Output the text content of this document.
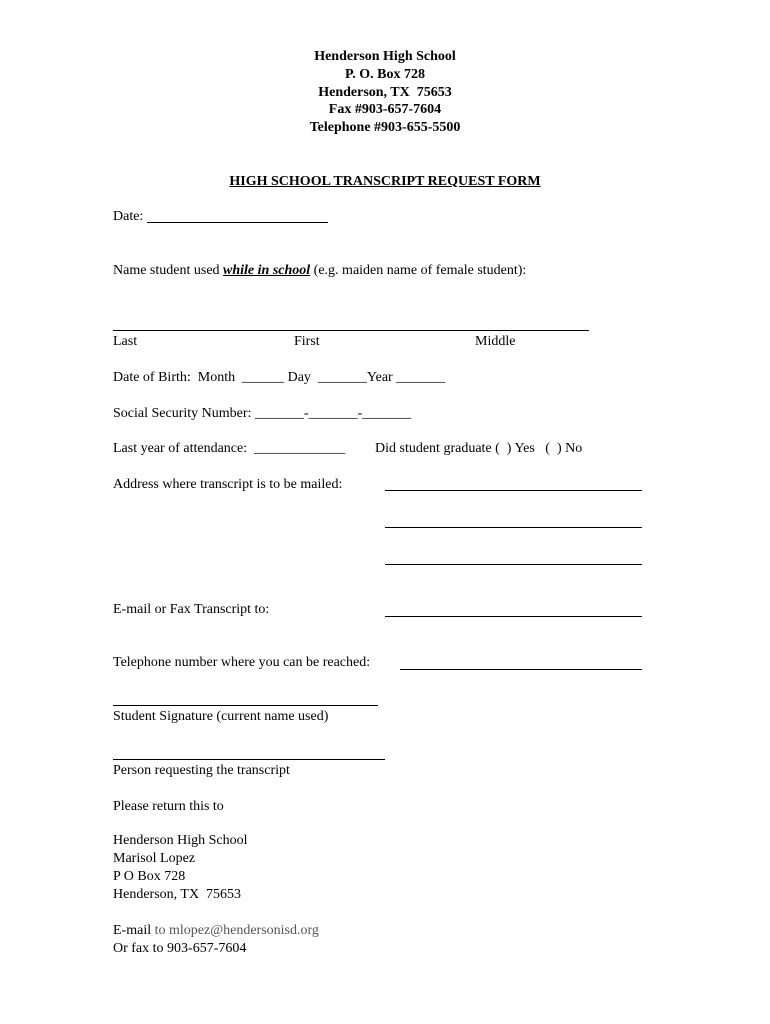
Henderson High School
P. O. Box 728
Henderson, TX  75653
Fax #903-657-7604
Telephone #903-655-5500
HIGH SCHOOL TRANSCRIPT REQUEST FORM
Date:
Name student used while in school (e.g. maiden name of female student):
Last	First	Middle
Date of Birth:  Month  ______ Day  _______Year _______
Social Security Number: _______-_______-_______
Last year of attendance:  _____________ Did student graduate (  ) Yes   (  ) No
Address where transcript is to be mailed:
E-mail or Fax Transcript to:
Telephone number where you can be reached:
Student Signature (current name used)
Person requesting the transcript
Please return this to
Henderson High School
Marisol Lopez
P O Box 728
Henderson, TX  75653
E-mail to mlopez@hendersonisd.org
Or fax to 903-657-7604
